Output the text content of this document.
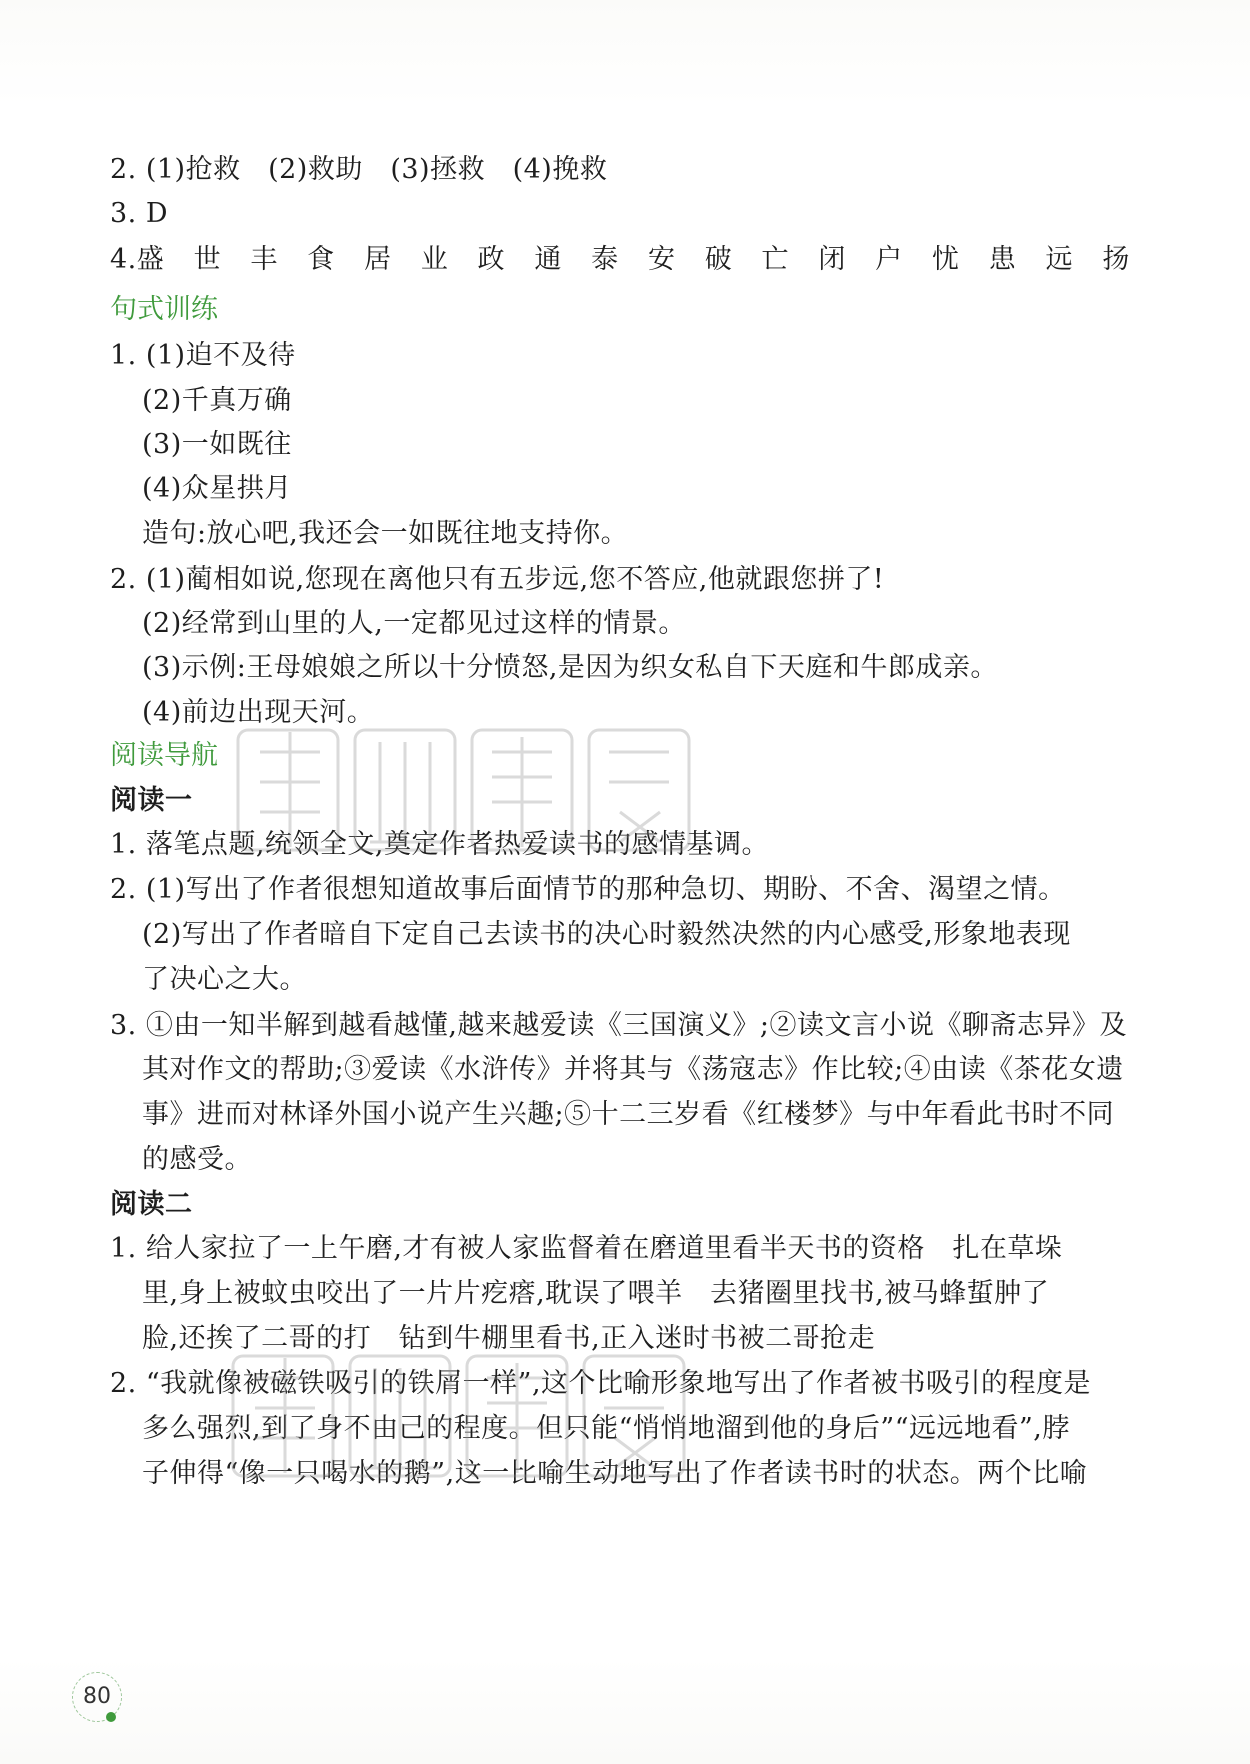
2. (1)抢救　(2)救助　(3)拯救　(4)挽救
3. D
4.盛 世 丰 食 居 业 政 通 泰 安 破 亡 闭 户 忧 患 远 扬
句式训练
1. (1)迫不及待
(2)千真万确
(3)一如既往
(4)众星拱月
造句:放心吧,我还会一如既往地支持你。
2. (1)蔺相如说,您现在离他只有五步远,您不答应,他就跟您拼了!
(2)经常到山里的人,一定都见过这样的情景。
(3)示例:王母娘娘之所以十分愤怒,是因为织女私自下天庭和牛郎成亲。
(4)前边出现天河。
阅读导航
阅读一
1. 落笔点题,统领全文,奠定作者热爱读书的感情基调。
2. (1)写出了作者很想知道故事后面情节的那种急切、期盼、不舍、渴望之情。
(2)写出了作者暗自下定自己去读书的决心时毅然决然的内心感受,形象地表现
了决心之大。
3. ①由一知半解到越看越懂,越来越爱读《三国演义》;②读文言小说《聊斋志异》及
其对作文的帮助;③爱读《水浒传》并将其与《荡寇志》作比较;④由读《茶花女遗
事》进而对林译外国小说产生兴趣;⑤十二三岁看《红楼梦》与中年看此书时不同
的感受。
阅读二
1. 给人家拉了一上午磨,才有被人家监督着在磨道里看半天书的资格　扎在草垛
里,身上被蚊虫咬出了一片片疙瘩,耽误了喂羊　去猪圈里找书,被马蜂蜇肿了
脸,还挨了二哥的打　钻到牛棚里看书,正入迷时书被二哥抢走
2. “我就像被磁铁吸引的铁屑一样”,这个比喻形象地写出了作者被书吸引的程度是
多么强烈,到了身不由己的程度。但只能“悄悄地溜到他的身后”“远远地看”,脖
子伸得“像一只喝水的鹅”,这一比喻生动地写出了作者读书时的状态。两个比喻
80
